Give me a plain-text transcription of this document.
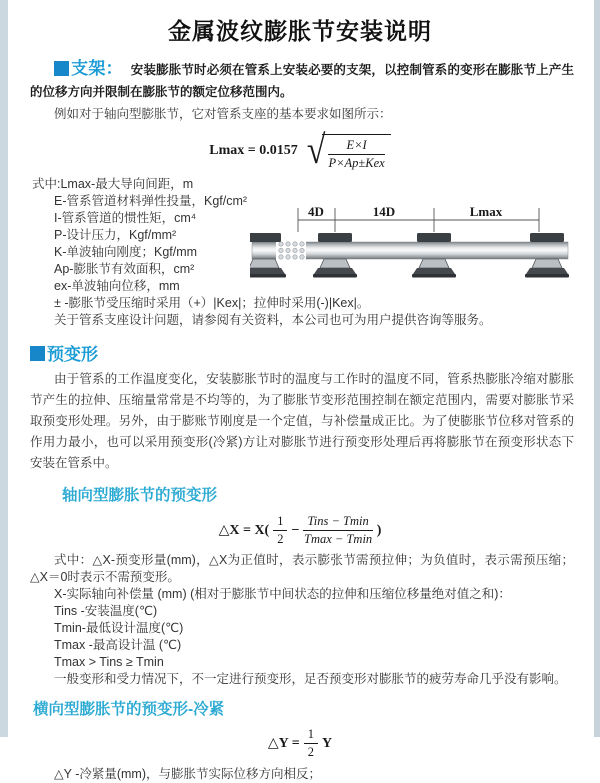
金属波纹膨胀节安装说明

支架： 安装膨胀节时必须在管系上安装必要的支架，以控制管系的变形在膨胀节上产生的位移方向并限制在膨胀节的额定位移范围内。

例如对于轴向型膨胀节，它对管系支座的基本要求如图所示：

Lmax = 0.0157 √ $\frac{E\times I}{\text{P×Ap±Kex}}$
式中:Lmax-最大导向间距，m
E-管系管道材料弹性投量，Kgf/cm²
I-管系管道的惯性矩，cm⁴
P-设计压力，Kgf/mm²
K-单波轴向刚度；Kgf/mm
Ap-膨胀节有效面积，cm²
ex-单波轴向位移，mm
± -膨胀节受压缩时采用（+）|Kex|；拉伸时采用(-)|Kex|。
关于管系支座设计问题，请参阅有关资料，本公司也可为用户提供咨询等服务。
4D	14D	Lmax
预变形

由于管系的工作温度变化，安装膨胀节时的温度与工作时的温度不同，管系热膨胀冷缩对膨胀节产生的拉伸、压缩量常常是不均等的，为了膨胀节变形范围控制在额定范围内，需要对膨胀节采取预变形处理。另外，由于膨账节刚度是一个定值，与补偿量成正比。为了使膨胀节位移对管系的作用力最小，也可以采用预变形(冷紧)方让对膨胀节进行预变形处理后再将膨胀节在预变形状态下安装在管系中。

轴向型膨胀节的预变形
△X = $X( \frac{1}{2} - \frac{\text{Tins − Tmin}}{Tmax - Tmin}$ )

式中：△X-预变形量(mm)，△X为正值时，表示膨张节需预拉伸；为负值时，表示需预压缩；△X＝0时表示不需预变形。

X-实际轴向补偿量 (mm) (相对于膨胀节中间状态的拉伸和压缩位移量绝对值之和)：
Tins -安装温度(℃)
Tmin-最低设计温度(℃)
Tmax -最高设计温 (℃)
Tmax > Tins ≥ Tmin
一般变形和受力情况下，不一定进行预变形，足否预变形对膨胀节的疲劳寿命几乎没有影响。
横向型膨胀节的预变形-冷紧
△Y = $\frac{1}{2}$ Y
△Y -冷紧量(mm)，与膨胀节实际位移方向相反；
